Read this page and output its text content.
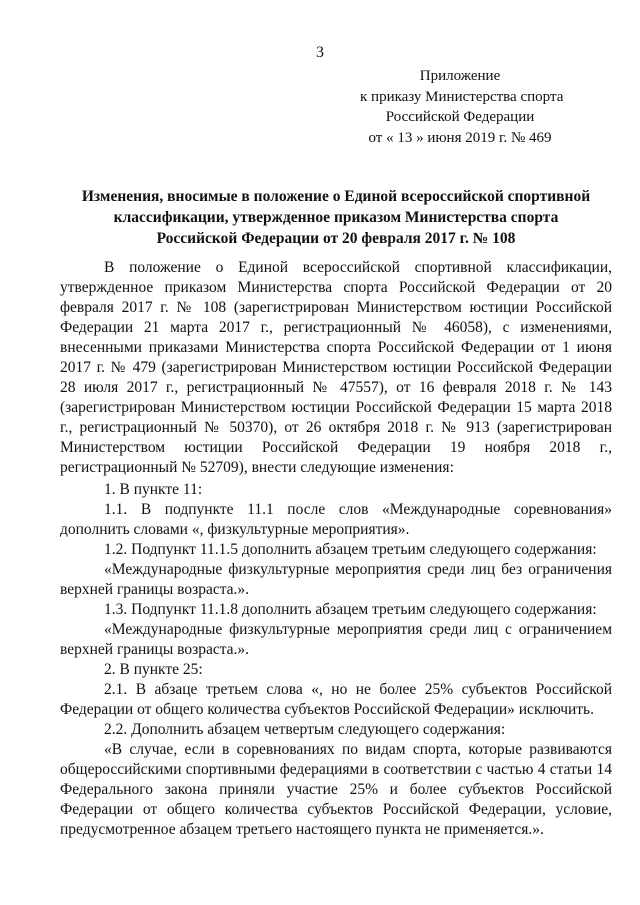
3
Приложение
к приказу Министерства спорта
Российской Федерации
от « 13 » июня 2019 г. № 469
Изменения, вносимые в положение о Единой всероссийской спортивной
классификации, утвержденное приказом Министерства спорта
Российской Федерации от 20 февраля 2017 г. № 108

В положение о Единой всероссийской спортивной классификации, утвержденное приказом Министерства спорта Российской Федерации от 20 февраля 2017 г. № 108 (зарегистрирован Министерством юстиции Российской Федерации 21 марта 2017 г., регистрационный № 46058), с изменениями, внесенными приказами Министерства спорта Российской Федерации от 1 июня 2017 г. № 479 (зарегистрирован Министерством юстиции Российской Федерации 28 июля 2017 г., регистрационный № 47557), от 16 февраля 2018 г. № 143 (зарегистрирован Министерством юстиции Российской Федерации 15 марта 2018 г., регистрационный № 50370), от 26 октября 2018 г. № 913 (зарегистрирован Министерством юстиции Российской Федерации 19 ноября 2018 г., регистрационный № 52709), внести следующие изменения:

1. В пункте 11:

1.1. В подпункте 11.1 после слов «Международные соревнования» дополнить словами «, физкультурные мероприятия».

1.2. Подпункт 11.1.5 дополнить абзацем третьим следующего содержания:

«Международные физкультурные мероприятия среди лиц без ограничения верхней границы возраста.».

1.3. Подпункт 11.1.8 дополнить абзацем третьим следующего содержания:

«Международные физкультурные мероприятия среди лиц с ограничением верхней границы возраста.».

2. В пункте 25:

2.1. В абзаце третьем слова «, но не более 25% субъектов Российской Федерации от общего количества субъектов Российской Федерации» исключить.

2.2. Дополнить абзацем четвертым следующего содержания:

«В случае, если в соревнованиях по видам спорта, которые развиваются общероссийскими спортивными федерациями в соответствии с частью 4 статьи 14 Федерального закона приняли участие 25% и более субъектов Российской Федерации от общего количества субъектов Российской Федерации, условие, предусмотренное абзацем третьего настоящего пункта не применяется.».
